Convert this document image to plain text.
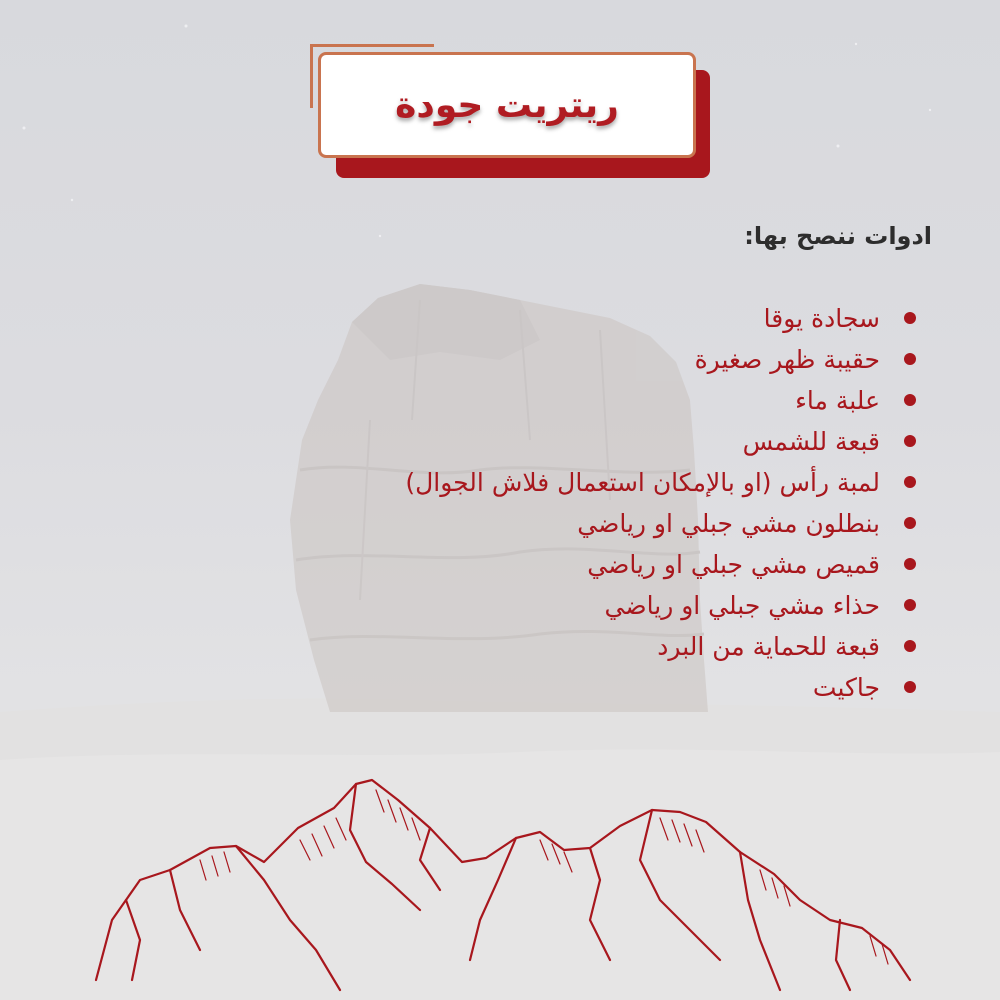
ريتريت جودة

ادوات ننصح بها:

سجادة يوقا
حقيبة ظهر صغيرة
علبة ماء
قبعة للشمس
لمبة رأس (او بالإمكان استعمال فلاش الجوال)
بنطلون مشي جبلي او رياضي
قميص مشي جبلي او رياضي
حذاء مشي جبلي او رياضي
قبعة للحماية من البرد
جاكيت
